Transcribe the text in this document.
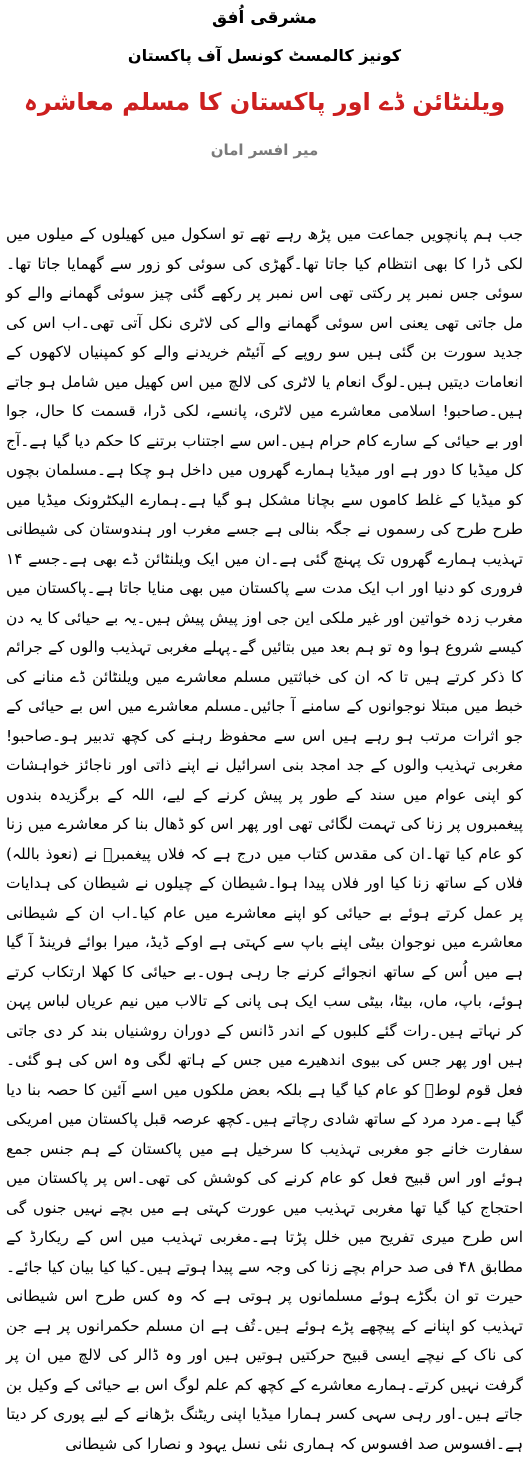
مشرقی اُفق

کونیز کالمسٹ کونسل آف پاکستان

ویلنٹائن ڈے اور پاکستان کا مسلم معاشرہ

میر افسر امان

جب ہم پانچویں جماعت میں پڑھ رہے تھے تو اسکول میں کھیلوں کے میلوں میں لکی ڈرا کا بھی انتظام کیا جاتا تھا۔گھڑی کی سوئی کو زور سے گھمایا جاتا تھا۔سوئی جس نمبر پر رکتی تھی اس نمبر پر رکھے گئی چیز سوئی گھمانے والے کو مل جاتی تھی یعنی اس سوئی گھمانے والے کی لاٹری نکل آتی تھی۔اب اس کی جدید سورت بن گئی ہیں سو روپے کے آئیٹم خریدنے والے کو کمپنیاں لاکھوں کے انعامات دیتیں ہیں۔لوگ انعام یا لاٹری کی لالچ میں اس کھیل میں شامل ہو جاتے ہیں۔صاحبو! اسلامی معاشرے میں لاٹری، پانسے، لکی ڈرا، قسمت کا حال، جوا اور بے حیائی کے سارے کام حرام ہیں۔اس سے اجتناب برتنے کا حکم دیا گیا ہے۔آج کل میڈیا کا دور ہے اور میڈیا ہمارے گھروں میں داخل ہو چکا ہے۔مسلمان بچوں کو میڈیا کے غلط کاموں سے بچانا مشکل ہو گیا ہے۔ہمارے الیکٹرونک میڈیا میں طرح طرح کی رسموں نے جگہ بنالی ہے جسے مغرب اور ہندوستان کی شیطانی تہذیب ہمارے گھروں تک پہنچ گئی ہے۔ان میں ایک ویلنٹائن ڈے بھی ہے۔جسے ۱۴ فروری کو دنیا اور اب ایک مدت سے پاکستان میں بھی منایا جاتا ہے۔پاکستان میں مغرب زدہ خواتین اور غیر ملکی این جی اوز پیش پیش ہیں۔یہ بے حیائی کا یہ دن کیسے شروع ہوا وہ تو ہم بعد میں بتائیں گے۔پہلے مغربی تہذیب والوں کے جرائم کا ذکر کرتے ہیں تا کہ ان کی خباثتیں مسلم معاشرے میں ویلنٹائن ڈے منانے کی خبط میں مبتلا نوجوانوں کے سامنے آ جائیں۔مسلم معاشرے میں اس بے حیائی کے جو اثرات مرتب ہو رہے ہیں اس سے محفوظ رہنے کی کچھ تدبیر ہو۔صاحبو! مغربی تہذیب والوں کے جد امجد بنی اسرائیل نے اپنے ذاتی اور ناجائز خواہشات کو اپنی عوام میں سند کے طور پر پیش کرنے کے لیے، اللہ کے برگزیدہ بندوں پیغمبروں پر زنا کی تہمت لگائی تھی اور پھر اس کو ڈھال بنا کر معاشرے میں زنا کو عام کیا تھا۔ان کی مقدس کتاب میں درج ہے کہ فلاں پیغمبرؑ نے (نعوذ باللہ) فلاں کے ساتھ زنا کیا اور فلاں پیدا ہوا۔شیطان کے چیلوں نے شیطان کی ہدایات پر عمل کرتے ہوئے بے حیائی کو اپنے معاشرے میں عام کیا۔اب ان کے شیطانی معاشرے میں نوجوان بیٹی اپنے باپ سے کہتی ہے اوکے ڈیڈ، میرا بوائے فرینڈ آ گیا ہے میں اُس کے ساتھ انجوائے کرنے جا رہی ہوں۔بے حیائی کا کھلا ارتکاب کرتے ہوئے، باپ، ماں، بیٹا، بیٹی سب ایک ہی پانی کے تالاب میں نیم عریاں لباس پہن کر نہاتے ہیں۔رات گئے کلبوں کے اندر ڈانس کے دوران روشنیاں بند کر دی جاتی ہیں اور پھر جس کی بیوی اندھیرے میں جس کے ہاتھ لگی وہ اس کی ہو گئی۔فعل قوم لوطؑ کو عام کیا گیا ہے بلکہ بعض ملکوں میں اسے آئین کا حصہ بنا دیا گیا ہے۔مرد مرد کے ساتھ شادی رچاتے ہیں۔کچھ عرصہ قبل پاکستان میں امریکی سفارت خانے جو مغربی تہذیب کا سرخیل ہے میں پاکستان کے ہم جنس جمع ہوئے اور اس قبیح فعل کو عام کرنے کی کوشش کی تھی۔اس پر پاکستان میں احتجاج کیا گیا تھا مغربی تہذیب میں عورت کہتی ہے میں بچے نہیں جنوں گی اس طرح میری تفریح میں خلل پڑتا ہے۔مغربی تہذیب میں اس کے ریکارڈ کے مطابق ۴۸ فی صد حرام بچے زنا کی وجہ سے پیدا ہوتے ہیں۔کیا کیا بیان کیا جائے۔حیرت تو ان بگڑے ہوئے مسلمانوں پر ہوتی ہے کہ وہ کس طرح اس شیطانی تہذیب کو اپنانے کے پیچھے پڑے ہوئے ہیں۔تُف ہے ان مسلم حکمرانوں پر ہے جن کی ناک کے نیچے ایسی قبیح حرکتیں ہوتیں ہیں اور وہ ڈالر کی لالچ میں ان پر گرفت نہیں کرتے۔ہمارے معاشرے کے کچھ کم علم لوگ اس بے حیائی کے وکیل بن جاتے ہیں۔اور رہی سہی کسر ہمارا میڈیا اپنی ریٹنگ بڑھانے کے لیے پوری کر دیتا ہے۔افسوس صد افسوس کہ ہماری نئی نسل یہود و نصارا کی شیطانی
